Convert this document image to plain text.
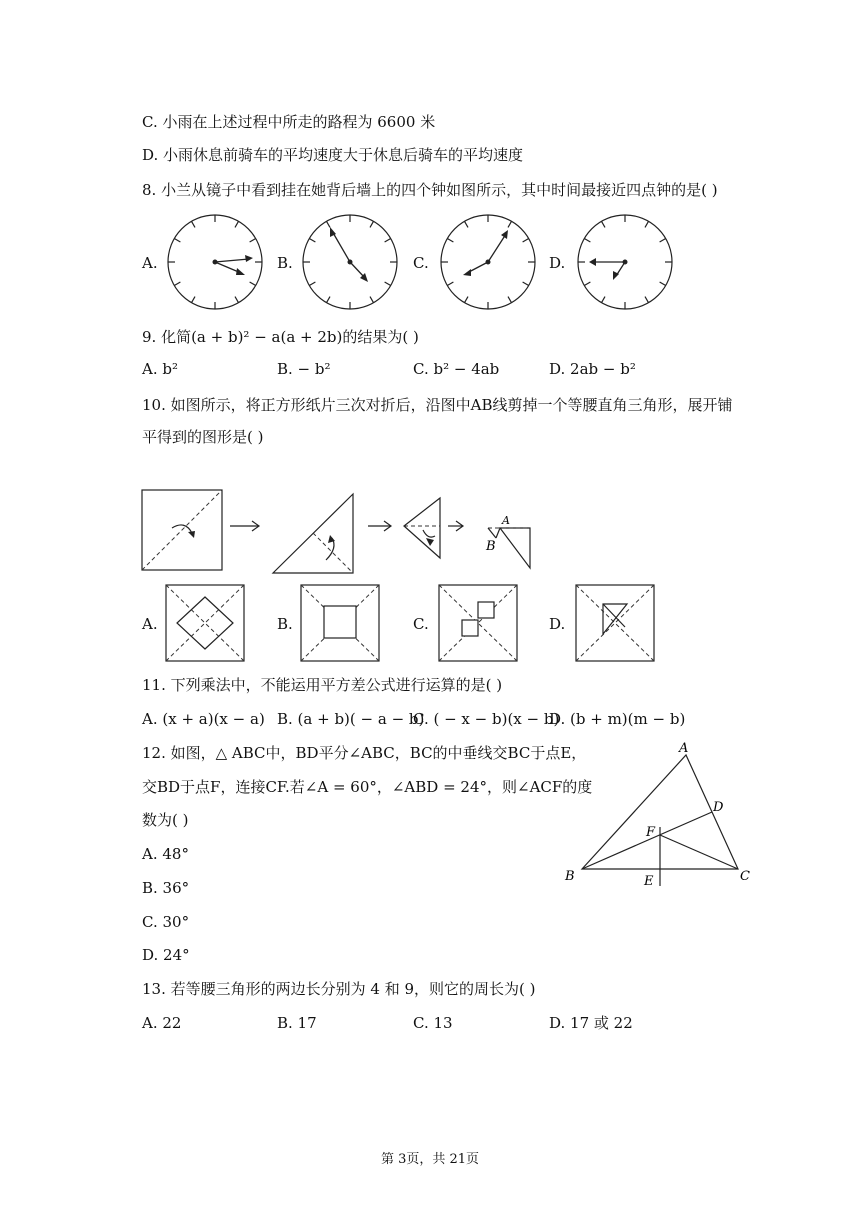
C. 小雨在上述过程中所走的路程为 6600 米
D. 小雨休息前骑车的平均速度大于休息后骑车的平均速度
8. 小兰从镜子中看到挂在她背后墙上的四个钟如图所示，其中时间最接近四点钟的是( )
A.	B.	C.	D.
9. 化简(a + b)² − a(a + 2b)的结果为( )
A. b²	B. − b²	C. b² − 4ab	D. 2ab − b²
10. 如图所示，将正方形纸片三次对折后，沿图中AB线剪掉一个等腰直角三角形，展开铺
平得到的图形是( )
A
B
A.	B.	C.	D.
11. 下列乘法中，不能运用平方差公式进行运算的是( )
A. (x + a)(x − a) B. (a + b)( − a − b)
C. ( − x − b)(x − b)
D. (b + m)(m − b)
12. 如图，△ ABC中，BD平分∠ABC，BC的中垂线交BC于点E，
交BD于点F，连接CF.若∠A = 60°，∠ABD = 24°，则∠ACF的度
数为( )
A. 48°
B. 36°
C. 30°
D. 24°
A
D
F
B	E	C
13. 若等腰三角形的两边长分别为 4 和 9，则它的周长为( )
A. 22	B. 17	C. 13	D. 17 或 22
第 3页，共 21页
